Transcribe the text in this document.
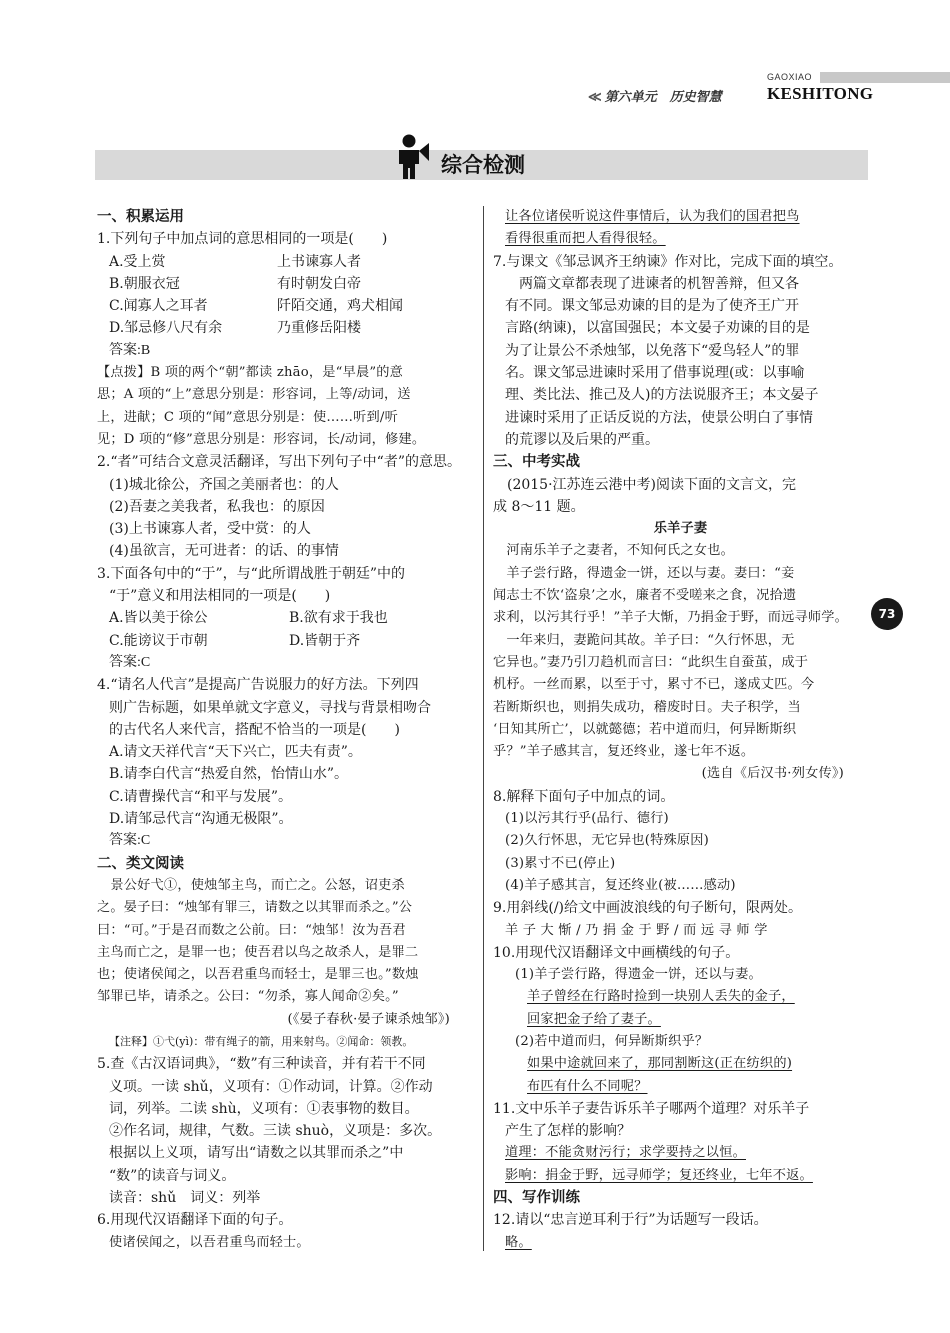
≪ 第六单元　历史智慧
GAOXIAO
KESHITONG
综合检测
一、积累运用
1.下列句子中加点词的意思相同的一项是(　　)
A.受上赏	上书谏寡人者
B.朝服衣冠	有时朝发白帝
C.闻寡人之耳者	阡陌交通，鸡犬相闻
D.邹忌修八尺有余	乃重修岳阳楼
答案:B
【点拨】B 项的两个“朝”都读 zhāo，是“早晨”的意
思；A 项的“上”意思分别是：形容词，上等/动词，送
上，进献；C 项的“闻”意思分别是：使……听到/听
见；D 项的“修”意思分别是：形容词，长/动词，修建。
2.“者”可结合文意灵活翻译，写出下列句子中“者”的意思。
(1)城北徐公，齐国之美丽者也：的人
(2)吾妻之美我者，私我也：的原因
(3)上书谏寡人者，受中赏：的人
(4)虽欲言，无可进者：的话、的事情
3.下面各句中的“于”，与“此所谓战胜于朝廷”中的
“于”意义和用法相同的一项是(　　)
A.皆以美于徐公	B.欲有求于我也
C.能谤议于市朝	D.皆朝于齐
答案:C
4.“请名人代言”是提高广告说服力的好方法。下列四
则广告标题，如果单就文字意义，寻找与背景相吻合
的古代名人来代言，搭配不恰当的一项是(　　)
A.请文天祥代言“天下兴亡，匹夫有责”。
B.请李白代言“热爱自然，怡情山水”。
C.请曹操代言“和平与发展”。
D.请邹忌代言“沟通无极限”。
答案:C
二、类文阅读
　景公好弋①，使烛邹主鸟，而亡之。公怒，诏吏杀
之。晏子曰：“烛邹有罪三，请数之以其罪而杀之。”公
曰：“可。”于是召而数之公前。曰：“烛邹！汝为吾君
主鸟而亡之，是罪一也；使吾君以鸟之故杀人，是罪二
也；使诸侯闻之，以吾君重鸟而轻士，是罪三也。”数烛
邹罪已毕，请杀之。公曰：“勿杀，寡人闻命②矣。”
(《晏子春秋·晏子谏杀烛邹》)
【注释】①弋(yì)：带有绳子的箭，用来射鸟。②闻命：领教。
5.查《古汉语词典》，“数”有三种读音，并有若干不同
义项。一读 shǔ，义项有：①作动词，计算。②作动
词，列举。二读 shù，义项有：①表事物的数目。
②作名词，规律，气数。三读 shuò，义项是：多次。
根据以上义项，请写出“请数之以其罪而杀之”中
“数”的读音与词义。
读音：shǔ　词义：列举
6.用现代汉语翻译下面的句子。
使诸侯闻之，以吾君重鸟而轻士。
让各位诸侯听说这件事情后，认为我们的国君把鸟
看得很重而把人看得很轻。
7.与课文《邹忌讽齐王纳谏》作对比，完成下面的填空。
　两篇文章都表现了进谏者的机智善辩，但又各
有不同。课文邹忌劝谏的目的是为了使齐王广开
言路(纳谏)，以富国强民；本文晏子劝谏的目的是
为了让景公不杀烛邹，以免落下“爱鸟轻人”的罪
名。课文邹忌进谏时采用了借事说理(或：以事喻
理、类比法、推己及人)的方法说服齐王；本文晏子
进谏时采用了正话反说的方法，使景公明白了事情
的荒谬以及后果的严重。
三、中考实战
　(2015·江苏连云港中考)阅读下面的文言文，完
成 8～11 题。
乐羊子妻
　河南乐羊子之妻者，不知何氏之女也。
　羊子尝行路，得遗金一饼，还以与妻。妻曰：“妾
闻志士不饮‘盗泉’之水，廉者不受嗟来之食，况拾遗
求利，以污其行乎！”羊子大惭，乃捐金于野，而远寻师学。
　一年来归，妻跪问其故。羊子曰：“久行怀思，无
它异也。”妻乃引刀趋机而言曰：“此织生自蚕茧，成于
机杼。一丝而累，以至于寸，累寸不已，遂成丈匹。今
若断斯织也，则捐失成功，稽废时日。夫子积学，当
‘日知其所亡’，以就懿德；若中道而归，何异断斯织
乎？”羊子感其言，复还终业，遂七年不返。
(选自《后汉书·列女传》)
8.解释下面句子中加点的词。
(1)以污其行乎(品行、德行)
(2)久行怀思，无它异也(特殊原因)
(3)累寸不已(停止)
(4)羊子感其言，复还终业(被……感动)
9.用斜线(/)给文中画波浪线的句子断句，限两处。
羊 子 大 惭 / 乃 捐 金 于 野 / 而 远 寻 师 学
10.用现代汉语翻译文中画横线的句子。
(1)羊子尝行路，得遗金一饼，还以与妻。
羊子曾经在行路时捡到一块别人丢失的金子，
回家把金子给了妻子。
(2)若中道而归，何异断斯织乎？
如果中途就回来了，那同割断这(正在纺织的)
布匹有什么不同呢？
11.文中乐羊子妻告诉乐羊子哪两个道理？对乐羊子
产生了怎样的影响？
道理：不能贪财污行；求学要持之以恒。
影响：捐金于野，远寻师学；复还终业，七年不返。
四、写作训练
12.请以“忠言逆耳利于行”为话题写一段话。
略。
73
